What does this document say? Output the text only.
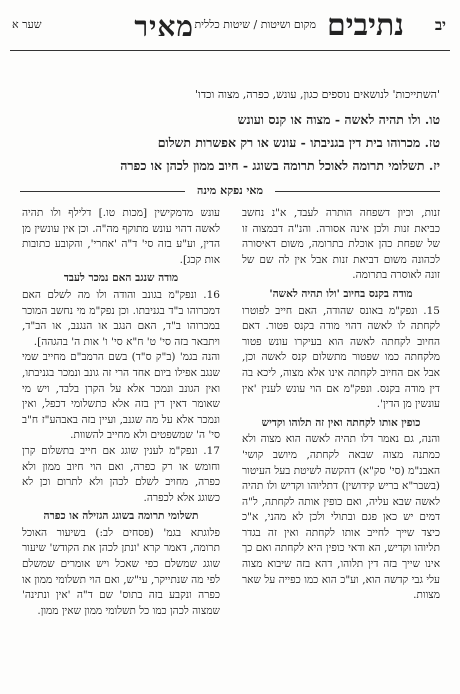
יב
מאיר מקום ושיטות / שיטות כללית נתיבים
שער א
'השתייכות' לנושאים נוספים כגון, עונש, כפרה, מצוה וכדו'
טו. ולו תהיה לאשה - מצוה או קנס ועונש
טז. מכרוהו בית דין בגניבתו - עונש או רק אפשרות תשלום
יז. תשלומי תרומה לאוכל תרומה בשוגג - חיוב ממון לכהן או כפרה
מאי נפקא מינה

זנות, וכיון דשפחה הותרה לעבד, א"נ נחשב כביאת זנות ולכן אינה אסורה. והנ"ה דבמצוה זו של שפחת כהן אוכלת בתרומה, משום דאיסורה לכהונה משום דביאת זנות אבל אין לה שם של זונה לאוסרה בתרומה.

מודה בקנס בחיוב 'ולו תהיה לאשה'

15. ונפק"מ באונס שהודה, האם חייב לפוטרו לקחתה לו לאשה דהוי מודה בקנס פטור. דאם החיוב לקחתה לאשה הוא בעיקרו עונש פטור מלקחתה כמו שפטור מתשלום קנס לאשה וכן, אבל אם החיוב לקחתה אינו אלא מצוה, ליכא בה דין מודה בקנס. ונפק"מ אם הוי עונש לענין 'אין עונשין מן הדין'.

כופין אותו לקחתה ואין זה תלוהו וקדיש

והנה, גם נאמר דלו תהיה לאשה הוא מצוה ולא כמתנה מצוה שבאה לקחתה, מיושב קושי' האבנ"מ (סי' סק"א) דהקשה לשיטת בעל העיטור (בשבר"א בריש קידושין) דתליוהו וקדיש ולו תהיה לאשה שבא עליה, ואם כופין אותה לקחתה, ל"ה דמים יש כאן פגם ובתולי ולכן לא מהני, א"כ כיצד שייך לחייב אותו לקחתה ואין זה בגדר תליוהו וקדיש, הא ודאי כופין היא לקחתה ואם כך אינו שייך בזה דין תלוהו, דהא בזה שיבוא מצוה עלי גבי קדשה הוא, וע"כ הוא כמו כפייה על שאר מצוות.

עונש מדמקישין [מכות טו.] דלילף ולו תהיה לאשה דהוי עונש מתוקף מה"ה. וכן אין עונשין מן הדין, וע"ע בזה סי' ד"ה 'אחרי', והקובע כתובות אות קכג].

מודה שנגב האם נמכר לעבד

16. ונפק"מ בגונב והודה ולו מה לשלם האם דמכרוהו ב"ד בגניבתו. וכן נפק"מ מי נחשב המוכר במכרוהו ב"ד, האם הנגב או הנגנב, או הב"ד, ויתבאר בזה סי' ט' ח"א סי' ו' אות ה' בהגהה].

והנה בגמ' (ב"ק ס"ד) בשם הרמב"ם מחייב שמי שנגב אפילו ביום אחד הרי זה גונב ונמכר בגניבתו, ואין הגונב ונמכר אלא על הקרן בלבד, ויש מי שאומר דאין דין בזה אלא כתשלומי דכפל, ואין ונמכר אלא על מה שגנב, ועיין בזה באבהע"ז ח"ב סי' ה' שמשפטים ולא מחייב להשוות.

17. ונפק"מ לענין שוגג אם חייב בתשלום קרן וחומש או רק כפרה, ואם הוי חיוב ממון ולא כפרה, מחויב לשלם לכהן ולא לתרום וכן לא כשוגג אלא לכפרה.

תשלומי תרומה בשוגג הגזילה או כפרה

פלוגתא בגמ' (פסחים לב:) בשיעור האוכל תרומה, דאמר קרא 'ונתן לכהן את הקודש' שיעור שוגג שמשלם כפי שאכל ויש אומרים שמשלם לפי מה שנתייקר, עי"ש, ואם הוי תשלומי ממון או כפרה ונקבע בזה בתוס' שם ד"ה 'אין ונתינה' שמצוה לכהן כמו כל תשלומי ממון שאין ממון.
